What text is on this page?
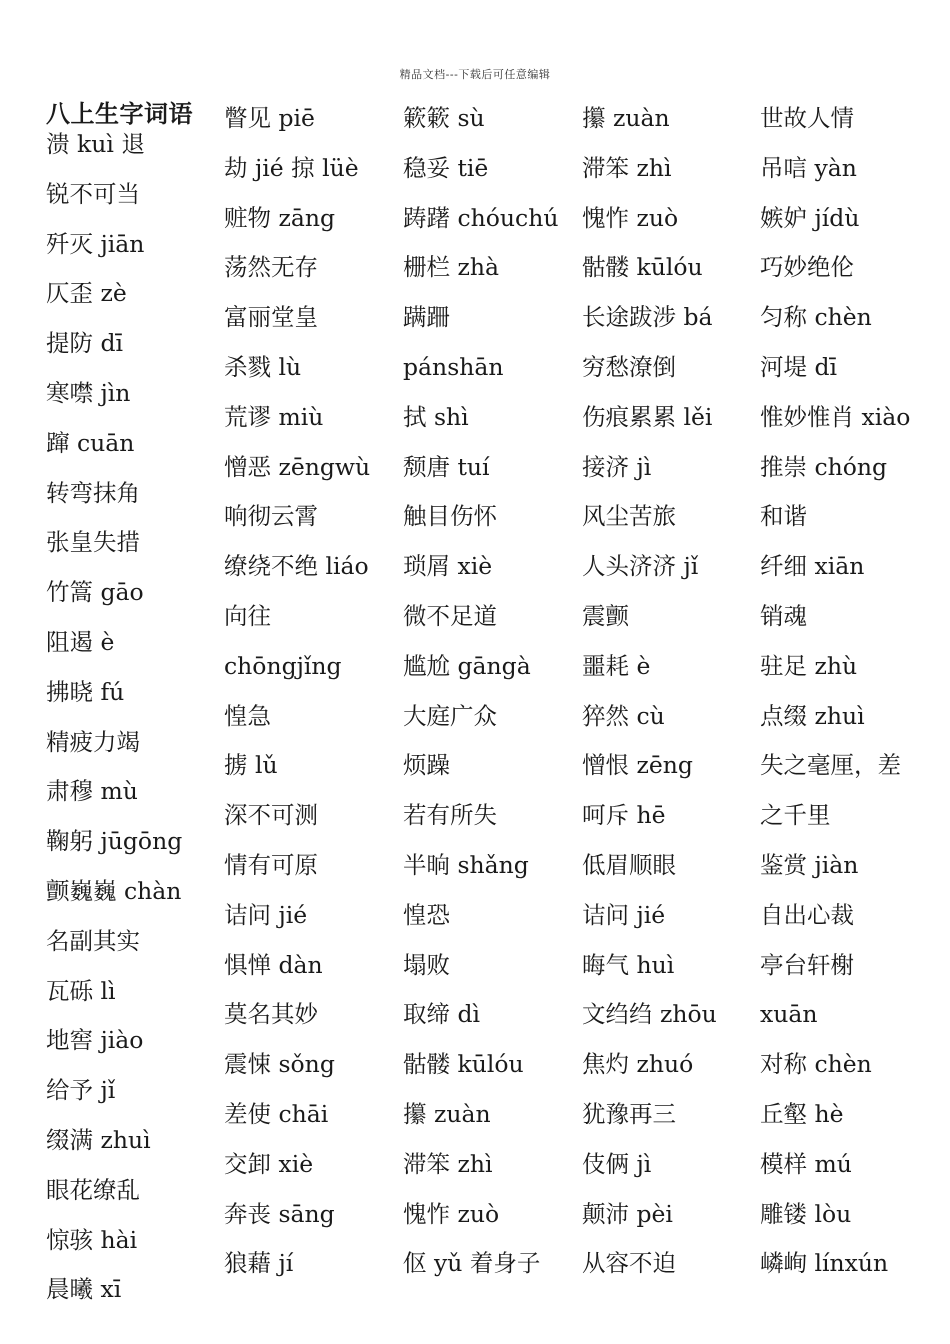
精品文档---下载后可任意编辑
八上生字词语
溃 kuì 退
锐不可当
歼灭 jiān
仄歪 zè
提防 dī
寒噤 jìn
蹿 cuān
转弯抹角
张皇失措
竹篙 gāo
阻遏 è
拂晓 fú
精疲力竭
肃穆 mù
鞠躬 jūgōng
颤巍巍 chàn
名副其实
瓦砾 lì
地窖 jiào
给予 jǐ
缀满 zhuì
眼花缭乱
惊骇 hài
晨曦 xī
瞥见 piē
劫 jié 掠 lüè
赃物 zāng
荡然无存
富丽堂皇
杀戮 lù
荒谬 miù
憎恶 zēngwù
响彻云霄
缭绕不绝 liáo
向往
chōngjǐng
惶急
掳 lǔ
深不可测
情有可原
诘问 jié
惧惮 dàn
莫名其妙
震悚 sǒng
差使 chāi
交卸 xiè
奔丧 sāng
狼藉 jí
簌簌 sù
稳妥 tiē
踌躇 chóuchú
栅栏 zhà
蹒跚
pánshān
拭 shì
颓唐 tuí
触目伤怀
琐屑 xiè
微不足道
尴尬 gāngà
大庭广众
烦躁
若有所失
半晌 shǎng
惶恐
塌败
取缔 dì
骷髅 kūlóu
攥 zuàn
滞笨 zhì
愧怍 zuò
伛 yǔ 着身子
攥 zuàn
滞笨 zhì
愧怍 zuò
骷髅 kūlóu
长途跋涉 bá
穷愁潦倒
伤痕累累 lěi
接济 jì
风尘苦旅
人头济济 jǐ
震颤
噩耗 è
猝然 cù
憎恨 zēng
呵斥 hē
低眉顺眼
诘问 jié
晦气 huì
文绉绉 zhōu
焦灼 zhuó
犹豫再三
伎俩 jì
颠沛 pèi
从容不迫
世故人情
吊唁 yàn
嫉妒 jídù
巧妙绝伦
匀称 chèn
河堤 dī
惟妙惟肖 xiào
推崇 chóng
和谐
纤细 xiān
销魂
驻足 zhù
点缀 zhuì
失之毫厘，差
之千里
鉴赏 jiàn
自出心裁
亭台轩榭
xuān
对称 chèn
丘壑 hè
模样 mú
雕镂 lòu
嶙峋 línxún
